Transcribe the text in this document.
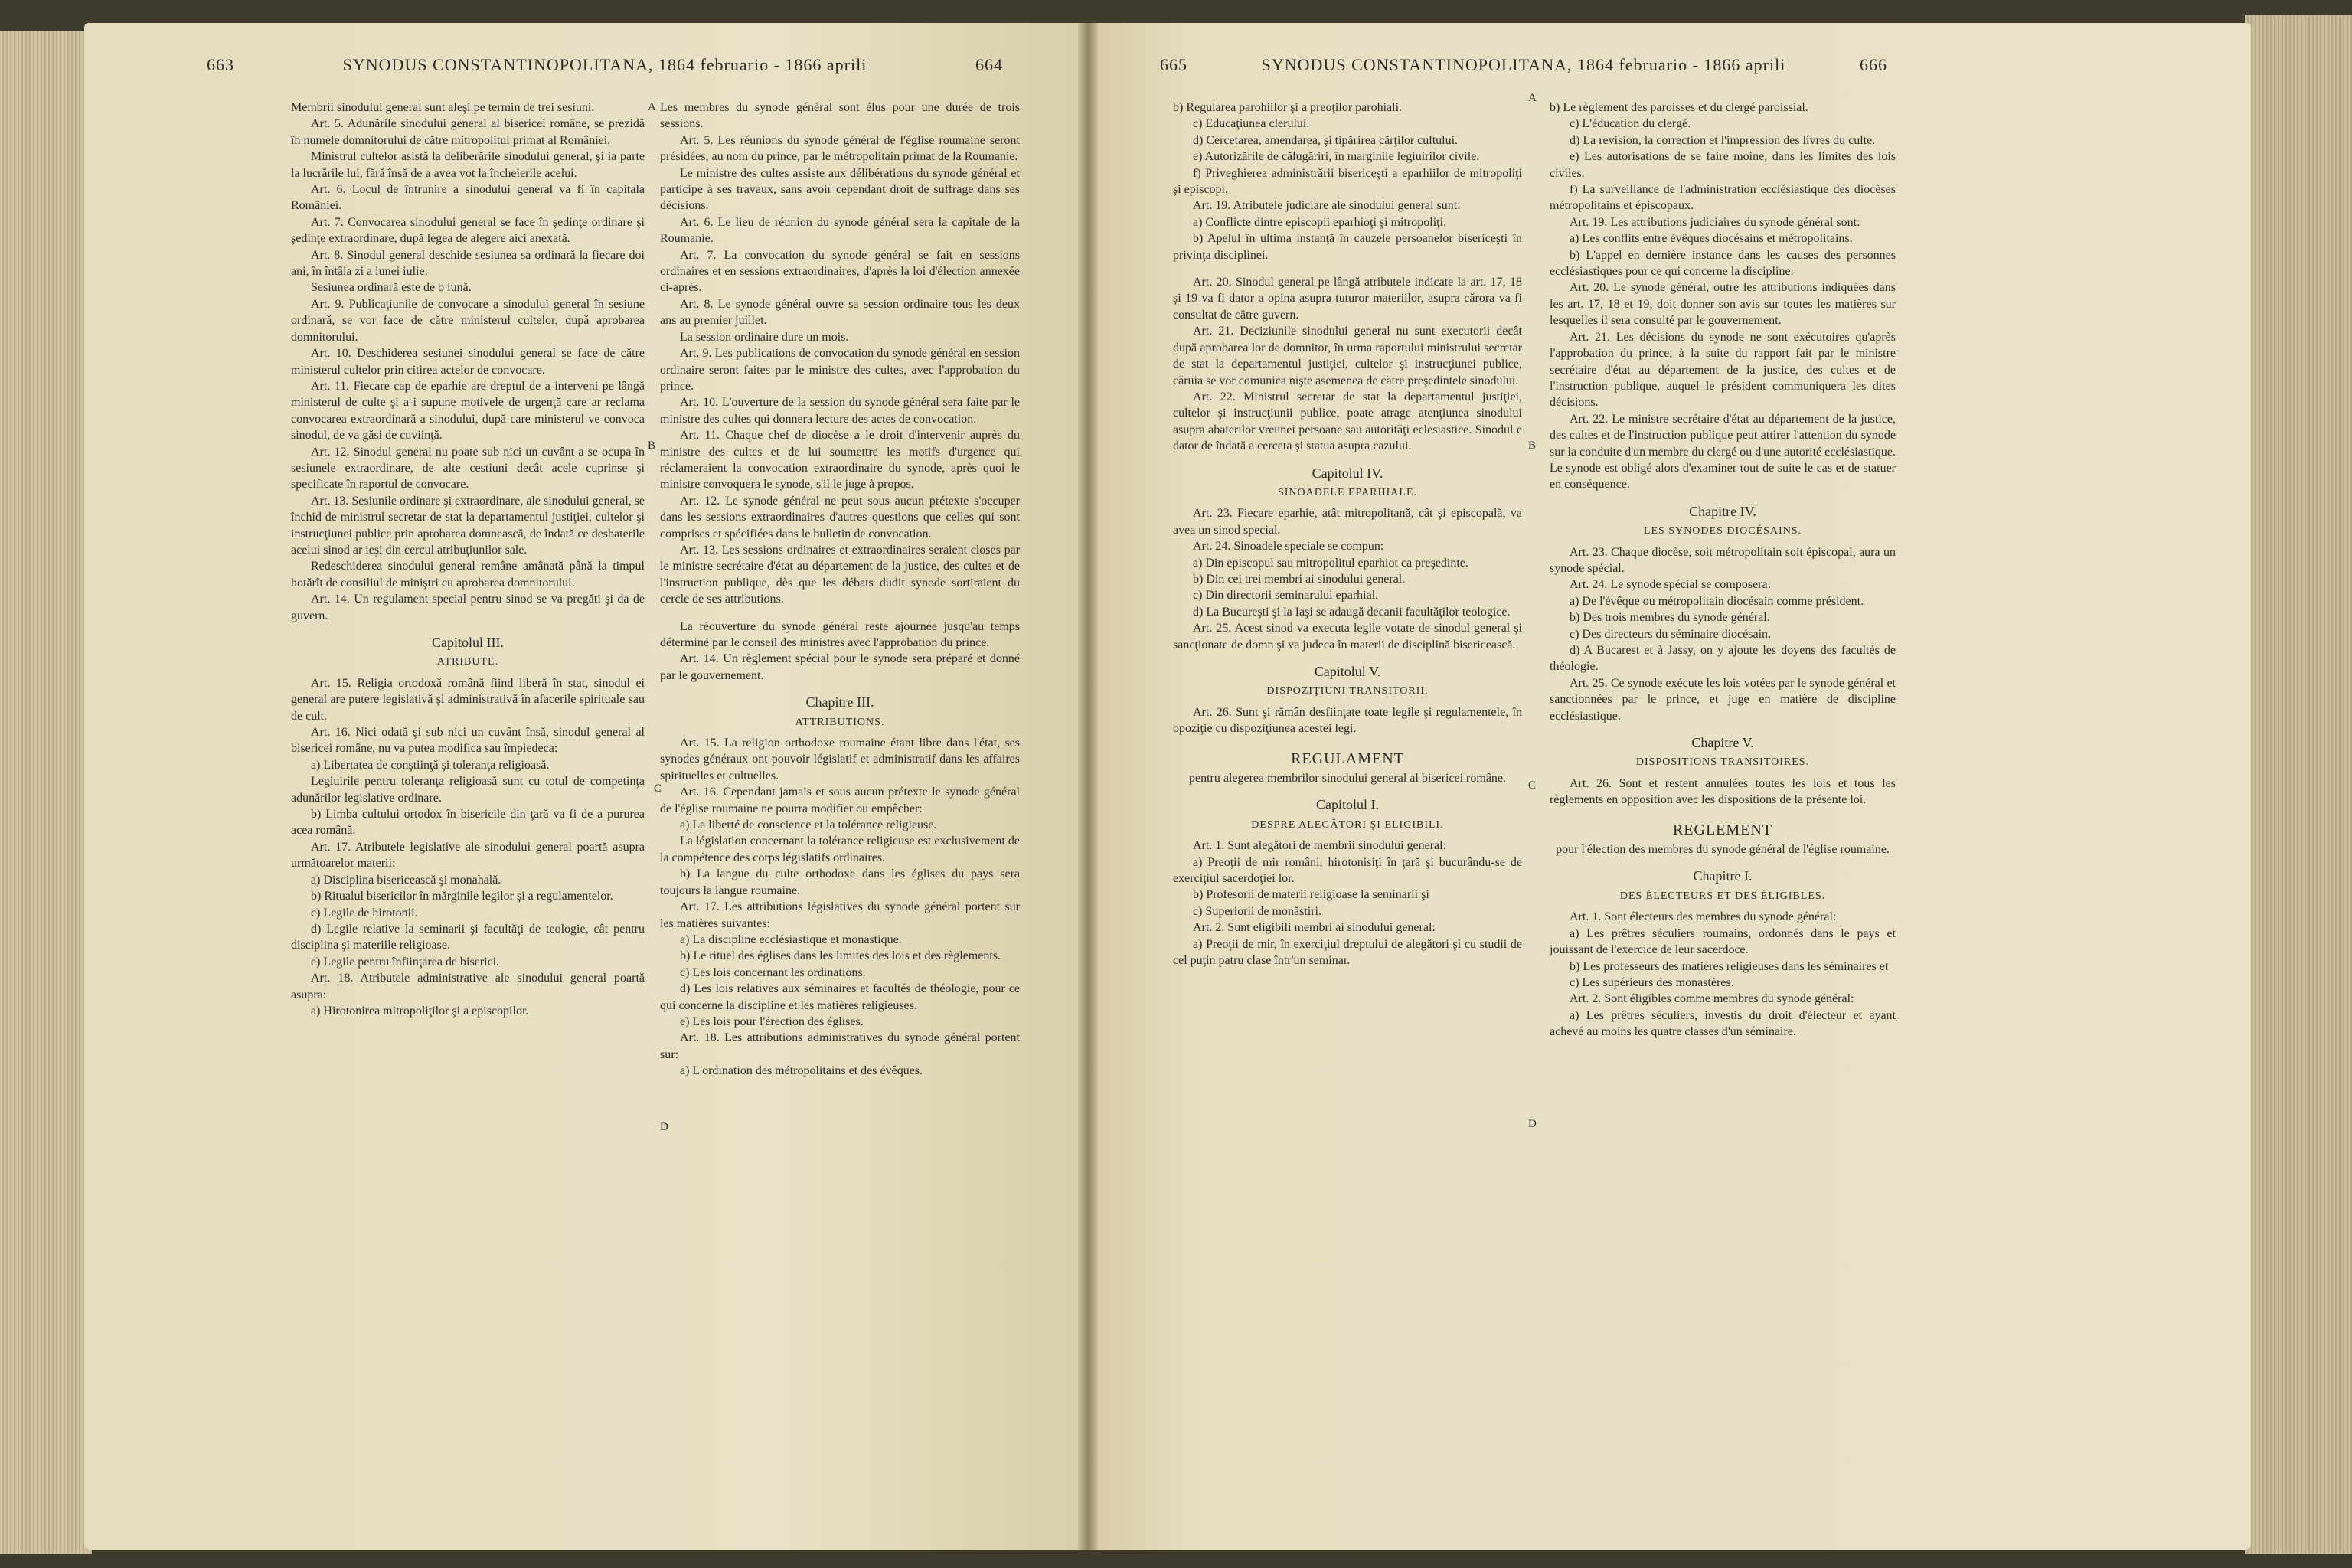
663	SYNODUS CONSTANTINOPOLITANA, 1864 februario - 1866 aprili	664	665	SYNODUS CONSTANTINOPOLITANA, 1864 februario - 1866 aprili	666
A
B
C
D
A
B
C
D

Membrii sinodului general sunt aleşi pe termin de trei sesiuni.

Art. 5. Adunările sinodului general al bisericei române, se prezidă în numele domnitorului de către mitropolitul primat al României.

Ministrul cultelor asistă la deliberările sinodului general, şi ia parte la lucrările lui, fără însă de a avea vot la încheierile acelui.

Art. 6. Locul de întrunire a sinodului general va fi în capitala României.

Art. 7. Convocarea sinodului general se face în şedinţe ordinare şi şedinţe extraordinare, după legea de alegere aici anexată.

Art. 8. Sinodul general deschide sesiunea sa ordinară la fiecare doi ani, în întâia zi a lunei iulie.

Sesiunea ordinară este de o lună.

Art. 9. Publicaţiunile de convocare a sinodului general în sesiune ordinară, se vor face de către ministerul cultelor, după aprobarea domnitorului.

Art. 10. Deschiderea sesiunei sinodului general se face de către ministerul cultelor prin citirea actelor de convocare.

Art. 11. Fiecare cap de eparhie are dreptul de a interveni pe lângă ministerul de culte şi a-i supune motivele de urgenţă care ar reclama convocarea extraordinară a sinodului, după care ministerul ve convoca sinodul, de va găsi de cuviinţă.

Art. 12. Sinodul general nu poate sub nici un cuvânt a se ocupa în sesiunele extraordinare, de alte cestiuni decât acele cuprinse şi specificate în raportul de convocare.

Art. 13. Sesiunile ordinare şi extraordinare, ale sinodului general, se închid de ministrul secretar de stat la departamentul justiţiei, cultelor şi instrucţiunei publice prin aprobarea domnească, de îndată ce desbaterile acelui sinod ar ieşi din cercul atribuţiunilor sale.

Redeschiderea sinodului general remâne amânată până la timpul hotărît de consiliul de miniştri cu aprobarea domnitorului.

Art. 14. Un regulament special pentru sinod se va pregăti şi da de guvern.

Capitolul III.

ATRIBUTE.

Art. 15. Religia ortodoxă română fiind liberă în stat, sinodul ei general are putere legislativă şi administrativă în afacerile spirituale sau de cult.

Art. 16. Nici odată şi sub nici un cuvânt însă, sinodul general al bisericei române, nu va putea modifica sau împiedeca:

a) Libertatea de conştiinţă şi toleranţa religioasă.

Legiuirile pentru toleranţa religioasă sunt cu totul de competinţa adunărilor legislative ordinare.

b) Limba cultului ortodox în bisericile din ţară va fi de a pururea acea română.

Art. 17. Atributele legislative ale sinodului general poartă asupra următoarelor materii:

a) Disciplina bisericească şi monahală.

b) Ritualul bisericilor în mărginile legilor şi a regulamentelor.

c) Legile de hirotonii.

d) Legile relative la seminarii şi facultăţi de teologie, cât pentru disciplina şi materiile religioase.

e) Legile pentru înfiinţarea de biserici.

Art. 18. Atributele administrative ale sinodului general poartă asupra:

a) Hirotonirea mitropoliţilor şi a episcopilor.

Les membres du synode général sont élus pour une durée de trois sessions.

Art. 5. Les réunions du synode général de l'église roumaine seront présidées, au nom du prince, par le métropolitain primat de la Roumanie.

Le ministre des cultes assiste aux délibérations du synode général et participe à ses travaux, sans avoir cependant droit de suffrage dans ses décisions.

Art. 6. Le lieu de réunion du synode général sera la capitale de la Roumanie.

Art. 7. La convocation du synode général se fait en sessions ordinaires et en sessions extraordinaires, d'après la loi d'élection annexée ci-après.

Art. 8. Le synode général ouvre sa session ordinaire tous les deux ans au premier juillet.

La session ordinaire dure un mois.

Art. 9. Les publications de convocation du synode général en session ordinaire seront faites par le ministre des cultes, avec l'approbation du prince.

Art. 10. L'ouverture de la session du synode général sera faite par le ministre des cultes qui donnera lecture des actes de convocation.

Art. 11. Chaque chef de diocèse a le droit d'intervenir auprès du ministre des cultes et de lui soumettre les motifs d'urgence qui réclameraient la convocation extraordinaire du synode, après quoi le ministre convoquera le synode, s'il le juge à propos.

Art. 12. Le synode général ne peut sous aucun prétexte s'occuper dans les sessions extraordinaires d'autres questions que celles qui sont comprises et spécifiées dans le bulletin de convocation.

Art. 13. Les sessions ordinaires et extraordinaires seraient closes par le ministre secrétaire d'état au département de la justice, des cultes et de l'instruction publique, dès que les débats dudit synode sortiraient du cercle de ses attributions.

La réouverture du synode général reste ajournée jusqu'au temps déterminé par le conseil des ministres avec l'approbation du prince.

Art. 14. Un règlement spécial pour le synode sera préparé et donné par le gouvernement.

Chapitre III.

ATTRIBUTIONS.

Art. 15. La religion orthodoxe roumaine étant libre dans l'état, ses synodes généraux ont pouvoir législatif et administratif dans les affaires spirituelles et cultuelles.

Art. 16. Cependant jamais et sous aucun prétexte le synode général de l'église roumaine ne pourra modifier ou empêcher:

a) La liberté de conscience et la tolérance religieuse.

La législation concernant la tolérance religieuse est exclusivement de la compétence des corps législatifs ordinaires.

b) La langue du culte orthodoxe dans les églises du pays sera toujours la langue roumaine.

Art. 17. Les attributions législatives du synode général portent sur les matières suivantes:

a) La discipline ecclésiastique et monastique.

b) Le rituel des églises dans les limites des lois et des règlements.

c) Les lois concernant les ordinations.

d) Les lois relatives aux séminaires et facultés de théologie, pour ce qui concerne la discipline et les matières religieuses.

e) Les lois pour l'érection des églises.

Art. 18. Les attributions administratives du synode général portent sur:

a) L'ordination des métropolitains et des évêques.

b) Regularea parohiilor şi a preoţilor parohiali.

c) Educaţiunea clerului.

d) Cercetarea, amendarea, şi tipărirea cărţilor cultului.

e) Autorizările de călugăriri, în marginile legiuirilor civile.

f) Priveghierea administrării bisericeşti a eparhiilor de mitropoliţi şi episcopi.

Art. 19. Atributele judiciare ale sinodului general sunt:

a) Conflicte dintre episcopii eparhioţi şi mitropoliţi.

b) Apelul în ultima instanţă în cauzele persoanelor bisericeşti în privinţa disciplinei.

Art. 20. Sinodul general pe lângă atributele indicate la art. 17, 18 şi 19 va fi dator a opina asupra tuturor materiilor, asupra cărora va fi consultat de către guvern.

Art. 21. Deciziunile sinodului general nu sunt executorii decât după aprobarea lor de domnitor, în urma raportului ministrului secretar de stat la departamentul justiţiei, cultelor şi instrucţiunei publice, căruia se vor comunica nişte asemenea de către preşedintele sinodului.

Art. 22. Ministrul secretar de stat la departamentul justiţiei, cultelor şi instrucţiunii publice, poate atrage atenţiunea sinodului asupra abaterilor vreunei persoane sau autorităţi eclesiastice. Sinodul e dator de îndată a cerceta şi statua asupra cazului.

Capitolul IV.

SINOADELE EPARHIALE.

Art. 23. Fiecare eparhie, atât mitropolitană, cât şi episcopală, va avea un sinod special.

Art. 24. Sinoadele speciale se compun:

a) Din episcopul sau mitropolitul eparhiot ca preşedinte.

b) Din cei trei membri ai sinodului general.

c) Din directorii seminarului eparhial.

d) La Bucureşti şi la Iaşi se adaugă decanii facultăţilor teologice.

Art. 25. Acest sinod va executa legile votate de sinodul general şi sancţionate de domn şi va judeca în materii de disciplină bisericească.

Capitolul V.

DISPOZIŢIUNI TRANSITORII.

Art. 26. Sunt şi rămân desfiinţate toate legile şi regulamentele, în opoziţie cu dispoziţiunea acestei legi.

REGULAMENT

pentru alegerea membrilor sinodului general al bisericei române.

Capitolul I.

DESPRE ALEGĂTORI ŞI ELIGIBILI.

Art. 1. Sunt alegători de membrii sinodului general:

a) Preoţii de mir români, hirotonisiţi în ţară şi bucurându-se de exerciţiul sacerdoţiei lor.

b) Profesorii de materii religioase la seminarii şi

c) Superiorii de monăstiri.

Art. 2. Sunt eligibili membri ai sinodului general:

a) Preoţii de mir, în exerciţiul dreptului de alegători şi cu studii de cel puţin patru clase într'un seminar.

b) Le règlement des paroisses et du clergé paroissial.

c) L'éducation du clergé.

d) La revision, la correction et l'impression des livres du culte.

e) Les autorisations de se faire moine, dans les limites des lois civiles.

f) La surveillance de l'administration ecclésiastique des diocèses métropolitains et épiscopaux.

Art. 19. Les attributions judiciaires du synode général sont:

a) Les conflits entre évêques diocésains et métropolitains.

b) L'appel en dernière instance dans les causes des personnes ecclésiastiques pour ce qui concerne la discipline.

Art. 20. Le synode général, outre les attributions indiquées dans les art. 17, 18 et 19, doit donner son avis sur toutes les matières sur lesquelles il sera consulté par le gouvernement.

Art. 21. Les décisions du synode ne sont exécutoires qu'après l'approbation du prince, à la suite du rapport fait par le ministre secrétaire d'état au département de la justice, des cultes et de l'instruction publique, auquel le président communiquera les dites décisions.

Art. 22. Le ministre secrétaire d'état au département de la justice, des cultes et de l'instruction publique peut attirer l'attention du synode sur la conduite d'un membre du clergé ou d'une autorité ecclésiastique. Le synode est obligé alors d'examiner tout de suite le cas et de statuer en conséquence.

Chapitre IV.

LES SYNODES DIOCÉSAINS.

Art. 23. Chaque diocèse, soit métropolitain soit épiscopal, aura un synode spécial.

Art. 24. Le synode spécial se composera:

a) De l'évêque ou métropolitain diocésain comme président.

b) Des trois membres du synode général.

c) Des directeurs du séminaire diocésain.

d) A Bucarest et à Jassy, on y ajoute les doyens des facultés de théologie.

Art. 25. Ce synode exécute les lois votées par le synode général et sanctionnées par le prince, et juge en matière de discipline ecclésiastique.

Chapitre V.

DISPOSITIONS TRANSITOIRES.

Art. 26. Sont et restent annulées toutes les lois et tous les règlements en opposition avec les dispositions de la présente loi.

REGLEMENT

pour l'élection des membres du synode général de l'église roumaine.

Chapitre I.

DES ÉLECTEURS ET DES ÉLIGIBLES.

Art. 1. Sont électeurs des membres du synode général:

a) Les prêtres séculiers roumains, ordonnés dans le pays et jouissant de l'exercice de leur sacerdoce.

b) Les professeurs des matières religieuses dans les séminaires et

c) Les supérieurs des monastères.

Art. 2. Sont éligibles comme membres du synode général:

a) Les prêtres séculiers, investis du droit d'électeur et ayant achevé au moins les quatre classes d'un séminaire.
